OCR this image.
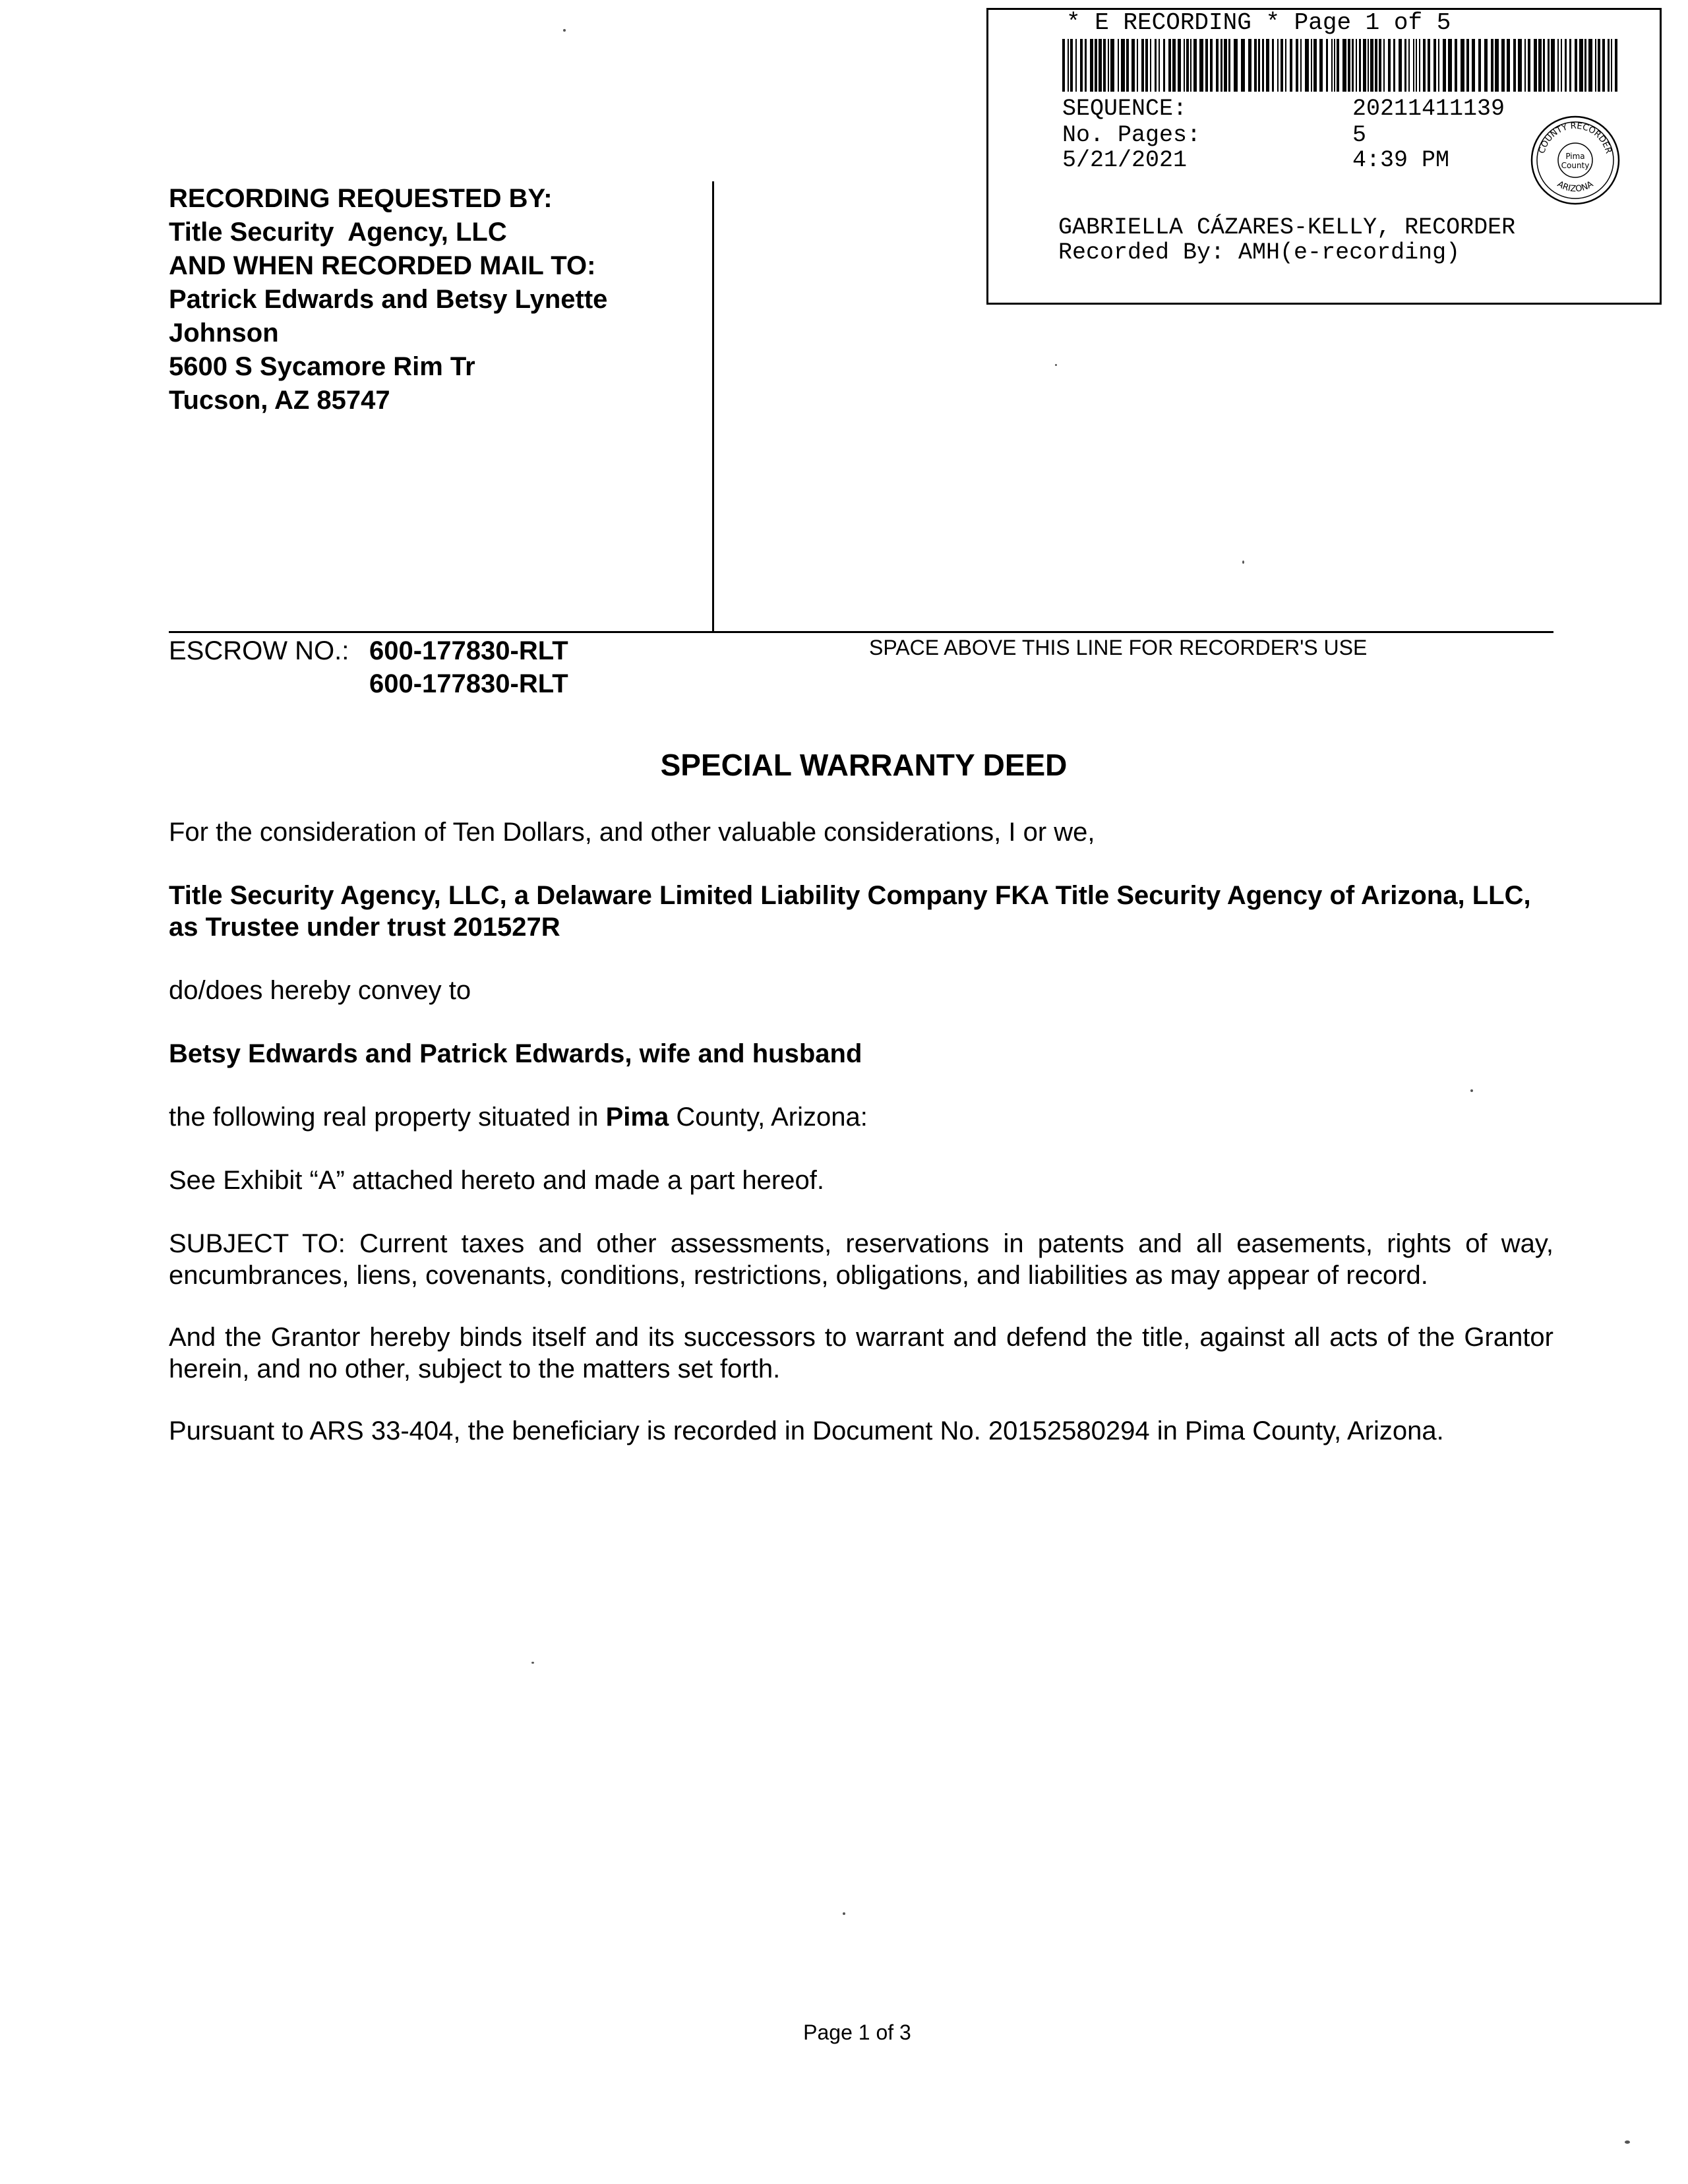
* E RECORDING * Page 1 of 5
SEQUENCE:	20211411139
No. Pages:	5
5/21/2021	4:39 PM	COUNTY RECORDER
ARIZONA
Pima
County
GABRIELLA CÁZARES-KELLY, RECORDER
Recorded By: AMH(e-recording)
RECORDING REQUESTED BY:
Title Security  Agency, LLC
AND WHEN RECORDED MAIL TO:
Patrick Edwards and Betsy Lynette
Johnson
5600 S Sycamore Rim Tr
Tucson, AZ 85747
ESCROW NO.: 600-177830-RLT
600-177830-RLT
SPACE ABOVE THIS LINE FOR RECORDER'S USE
SPECIAL WARRANTY DEED
For the consideration of Ten Dollars, and other valuable considerations, I or we,
Title Security Agency, LLC, a Delaware Limited Liability Company FKA Title Security Agency of Arizona, LLC, as Trustee under trust 201527R
do/does hereby convey to
Betsy Edwards and Patrick Edwards, wife and husband
the following real property situated in Pima County, Arizona:
See Exhibit “A” attached hereto and made a part hereof.
SUBJECT TO: Current taxes and other assessments, reservations in patents and all easements, rights of way, encumbrances, liens, covenants, conditions, restrictions, obligations, and liabilities as may appear of record.
And the Grantor hereby binds itself and its successors to warrant and defend the title, against all acts of the Grantor herein, and no other, subject to the matters set forth.
Pursuant to ARS 33-404, the beneficiary is recorded in Document No. 20152580294 in Pima County, Arizona.
Page 1 of 3
